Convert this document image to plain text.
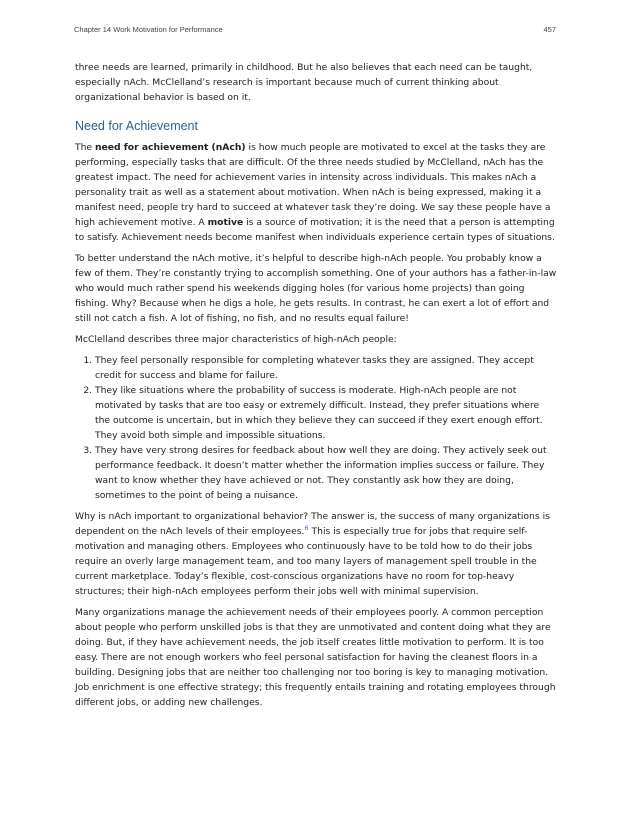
Chapter 14 Work Motivation for Performance	457

three needs are learned, primarily in childhood. But he also believes that each need can be taught, especially nAch. McClelland’s research is important because much of current thinking about organizational behavior is based on it.

Need for Achievement

The need for achievement (nAch) is how much people are motivated to excel at the tasks they are performing, especially tasks that are difficult. Of the three needs studied by McClelland, nAch has the greatest impact. The need for achievement varies in intensity across individuals. This makes nAch a personality trait as well as a statement about motivation. When nAch is being expressed, making it a manifest need, people try hard to succeed at whatever task they’re doing. We say these people have a high achievement motive. A motive is a source of motivation; it is the need that a person is attempting to satisfy. Achievement needs become manifest when individuals experience certain types of situations.

To better understand the nAch motive, it’s helpful to describe high-nAch people. You probably know a few of them. They’re constantly trying to accomplish something. One of your authors has a father-in-law who would much rather spend his weekends digging holes (for various home projects) than going fishing. Why? Because when he digs a hole, he gets results. In contrast, he can exert a lot of effort and still not catch a fish. A lot of fishing, no fish, and no results equal failure!

McClelland describes three major characteristics of high-nAch people:

1. They feel personally responsible for completing whatever tasks they are assigned. They accept credit for success and blame for failure.
2. They like situations where the probability of success is moderate. High-nAch people are not motivated by tasks that are too easy or extremely difficult. Instead, they prefer situations where the outcome is uncertain, but in which they believe they can succeed if they exert enough effort. They avoid both simple and impossible situations.
3. They have very strong desires for feedback about how well they are doing. They actively seek out performance feedback. It doesn’t matter whether the information implies success or failure. They want to know whether they have achieved or not. They constantly ask how they are doing, sometimes to the point of being a nuisance.

Why is nAch important to organizational behavior? The answer is, the success of many organizations is dependent on the nAch levels of their employees.$^6$ This is especially true for jobs that require self-motivation and managing others. Employees who continuously have to be told how to do their jobs require an overly large management team, and too many layers of management spell trouble in the current marketplace. Today’s flexible, cost-conscious organizations have no room for top-heavy structures; their high-nAch employees perform their jobs well with minimal supervision.

Many organizations manage the achievement needs of their employees poorly. A common perception about people who perform unskilled jobs is that they are unmotivated and content doing what they are doing. But, if they have achievement needs, the job itself creates little motivation to perform. It is too easy. There are not enough workers who feel personal satisfaction for having the cleanest floors in a building. Designing jobs that are neither too challenging nor too boring is key to managing motivation. Job enrichment is one effective strategy; this frequently entails training and rotating employees through different jobs, or adding new challenges.
